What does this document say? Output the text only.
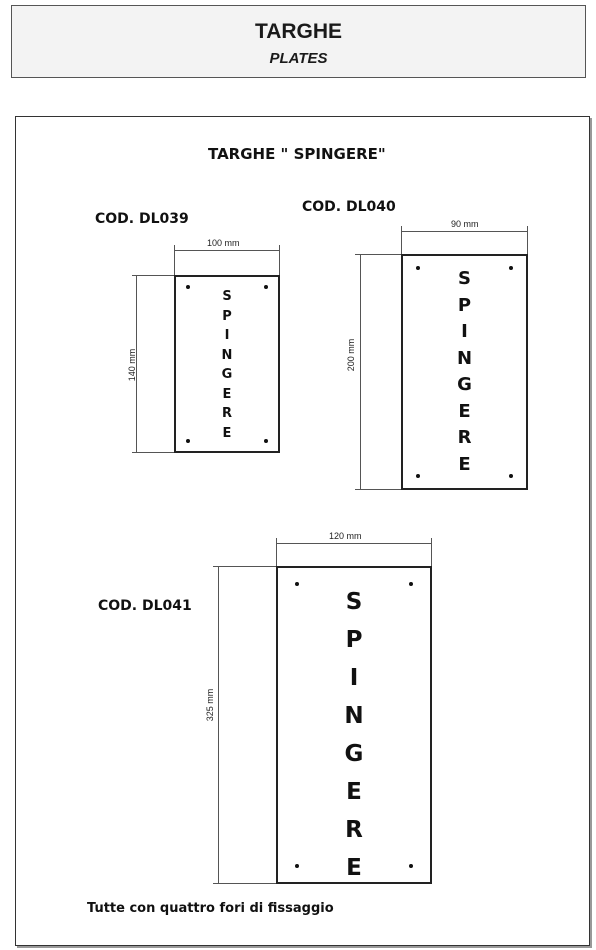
TARGHE
PLATES
TARGHE " SPINGERE"
COD. DL039
100 mm
140 mm
S
P
I
N
G
E
R
E
COD. DL040
90 mm
200 mm
S
P
I
N
G
E
R
E
COD. DL041
120 mm
325 mm
S
P
I
N
G
E
R
E
Tutte con quattro fori di fissaggio
